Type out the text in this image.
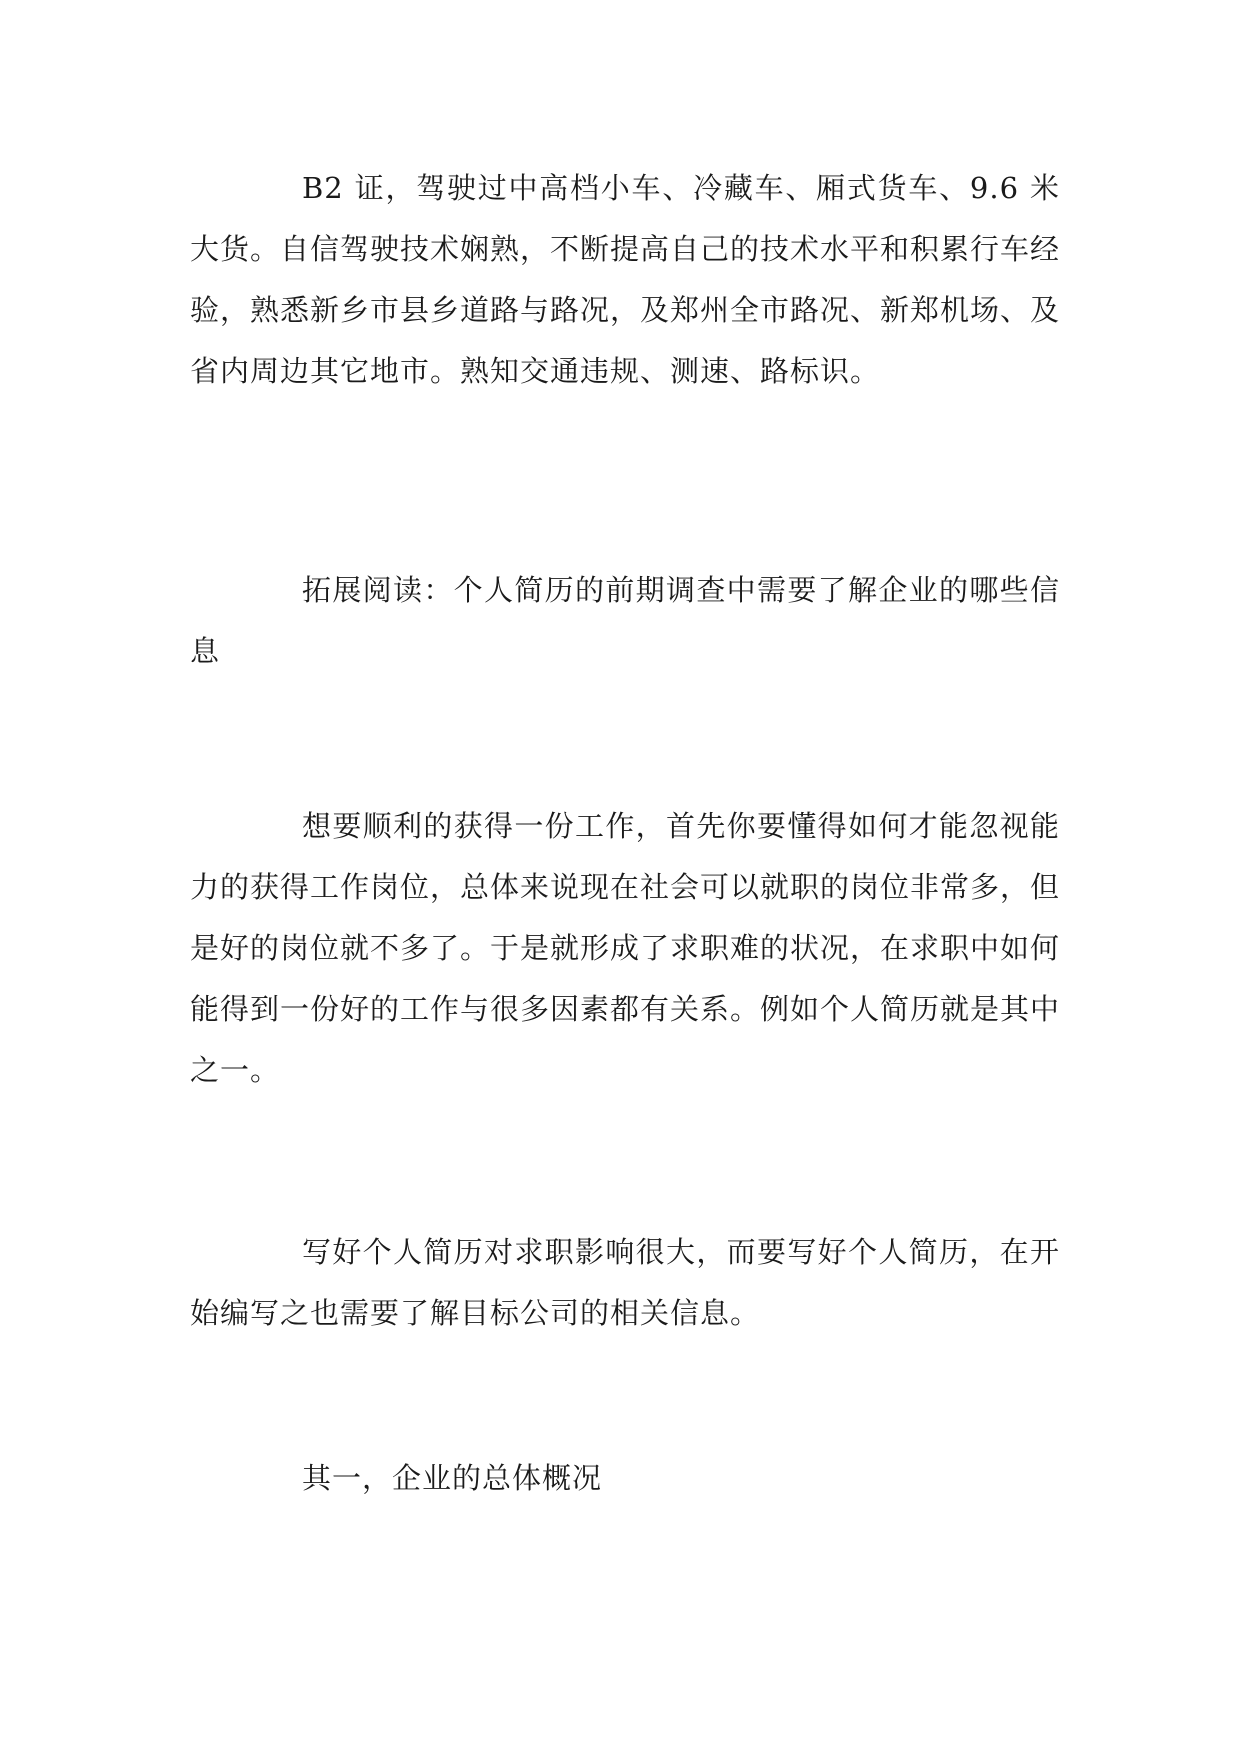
B2 证，驾驶过中高档小车、冷藏车、厢式货车、9.6 米大货。自信驾驶技术娴熟，不断提高自己的技术水平和积累行车经验，熟悉新乡市县乡道路与路况，及郑州全市路况、新郑机场、及省内周边其它地市。熟知交通违规、测速、路标识。

拓展阅读：个人简历的前期调查中需要了解企业的哪些信息

想要顺利的获得一份工作，首先你要懂得如何才能忽视能力的获得工作岗位，总体来说现在社会可以就职的岗位非常多，但是好的岗位就不多了。于是就形成了求职难的状况，在求职中如何能得到一份好的工作与很多因素都有关系。例如个人简历就是其中之一。

写好个人简历对求职影响很大，而要写好个人简历，在开始编写之也需要了解目标公司的相关信息。

其一，企业的总体概况
